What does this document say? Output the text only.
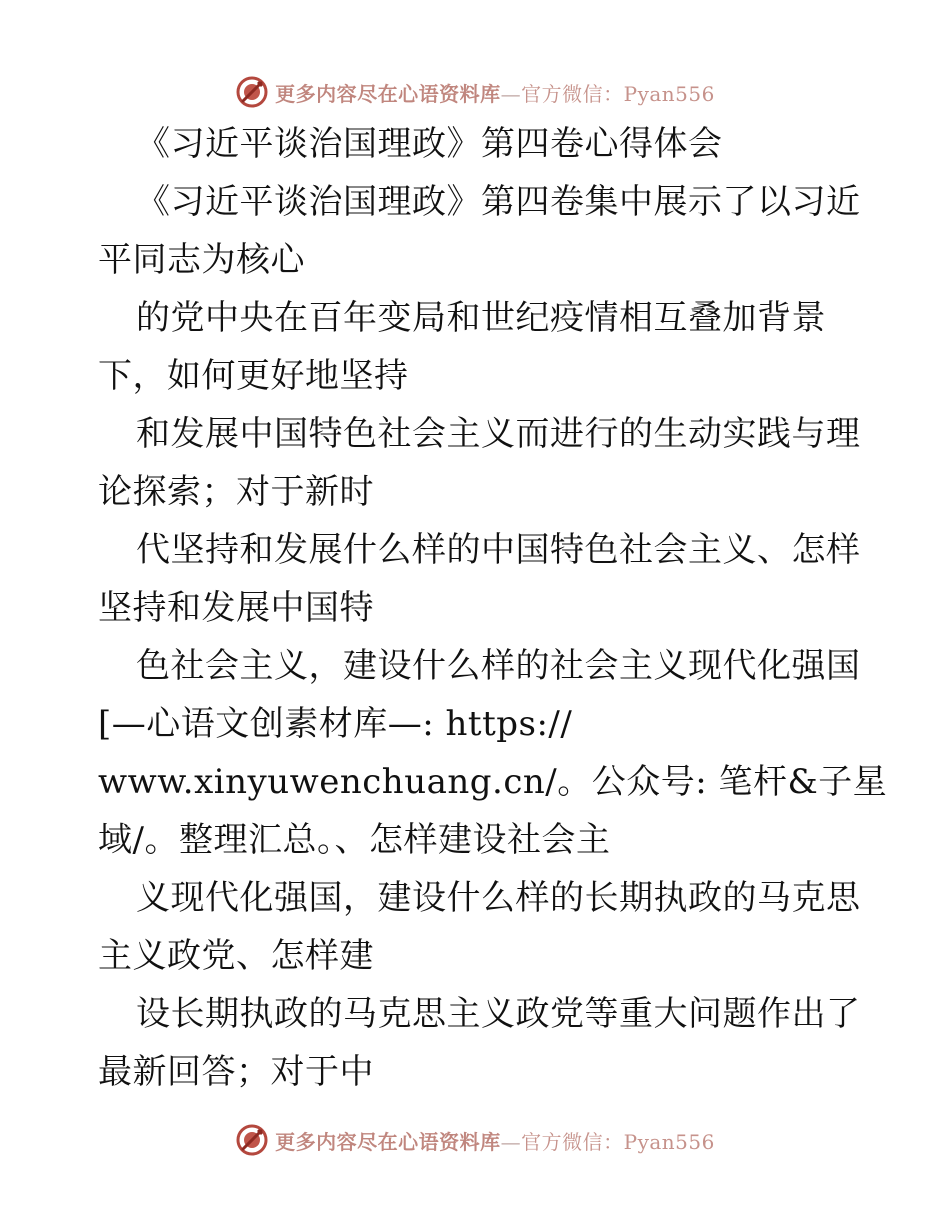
更多内容尽在心语资料库—官方微信：Pyan556
《习近平谈治国理政》第四卷心得体会
《习近平谈治国理政》第四卷集中展示了以习近
平同志为核心
的党中央在百年变局和世纪疫情相互叠加背景
下，如何更好地坚持
和发展中国特色社会主义而进行的生动实践与理
论探索；对于新时
代坚持和发展什么样的中国特色社会主义、怎样
坚持和发展中国特
色社会主义，建设什么样的社会主义现代化强国
[—心语文创素材库—: https://
www.xinyuwenchuang.cn/。公众号: 笔杆&子星
域/。整理汇总。、怎样建设社会主
义现代化强国，建设什么样的长期执政的马克思
主义政党、怎样建
设长期执政的马克思主义政党等重大问题作出了
最新回答；对于中
更多内容尽在心语资料库—官方微信：Pyan556
